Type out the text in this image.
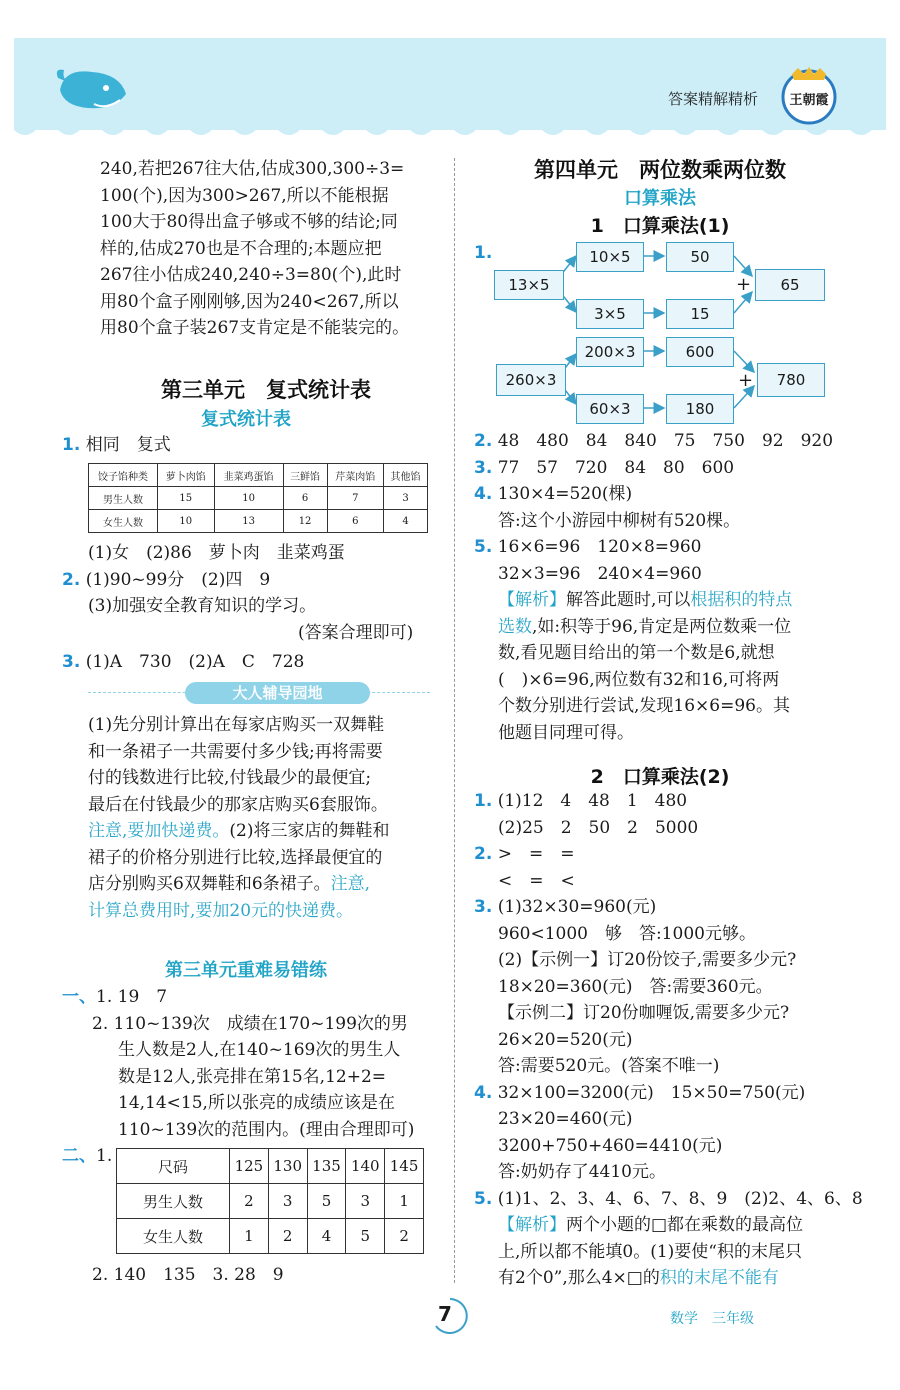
答案精解精析 王朝霞
240,若把267往大估,估成300,300÷3=
100(个),因为300>267,所以不能根据
100大于80得出盒子够或不够的结论;同
样的,估成270也是不合理的;本题应把
267往小估成240,240÷3=80(个),此时
用80个盒子刚刚够,因为240<267,所以
用80个盒子装267支肯定是不能装完的。
第三单元　复式统计表
复式统计表
1. 相同　复式
饺子馅种类	萝卜肉馅	韭菜鸡蛋馅	三鲜馅	芹菜肉馅	其他馅
男生人数	15	10	6	7	3
女生人数	10	13	12	6	4
(1)女　(2)86　萝卜肉　韭菜鸡蛋
2. (1)90~99分　(2)四　9
(3)加强安全教育知识的学习。
(答案合理即可)
3. (1)A　730　(2)A　C　728
大人辅导园地
(1)先分别计算出在每家店购买一双舞鞋
和一条裙子一共需要付多少钱;再将需要
付的钱数进行比较,付钱最少的最便宜;
最后在付钱最少的那家店购买6套服饰。
注意,要加快递费。(2)将三家店的舞鞋和
裙子的价格分别进行比较,选择最便宜的
店分别购买6双舞鞋和6条裙子。注意,
计算总费用时,要加20元的快递费。
第三单元重难易错练
一、1. 19　7
2. 110~139次　成绩在170~199次的男
生人数是2人,在140~169次的男生人
数是12人,张亮排在第15名,12+2=
14,14<15,所以张亮的成绩应该是在
110~139次的范围内。(理由合理即可)
二、1.
尺码	125	130	135	140	145
男生人数	2	3	5	3	1
女生人数	1	2	4	5	2
2. 140　135　3. 28　9
第四单元　两位数乘两位数
口算乘法
1　口算乘法(1)
1.
13×5
10×5	50
3×5	15
65
+
260×3
200×3	600
60×3	180
780
+
2. 48　480　84　840　75　750　92　920
3. 77　57　720　84　80　600
4. 130×4=520(棵)
答:这个小游园中柳树有520棵。
5. 16×6=96　120×8=960
32×3=96　240×4=960
【解析】解答此题时,可以根据积的特点
选数,如:积等于96,肯定是两位数乘一位
数,看见题目给出的第一个数是6,就想
(　)×6=96,两位数有32和16,可将两
个数分别进行尝试,发现16×6=96。其
他题目同理可得。
2　口算乘法(2)
1. (1)12　4　48　1　480
(2)25　2　50　2　5000
2. >　=　=
<　=　<
3. (1)32×30=960(元)
960<1000　够　答:1000元够。
(2)【示例一】订20份饺子,需要多少元?
18×20=360(元)　答:需要360元。
【示例二】订20份咖喱饭,需要多少元?
26×20=520(元)
答:需要520元。(答案不唯一)
4. 32×100=3200(元)　15×50=750(元)
23×20=460(元)
3200+750+460=4410(元)
答:奶奶存了4410元。
5. (1)1、2、3、4、6、7、8、9　(2)2、4、6、8
【解析】两个小题的□都在乘数的最高位
上,所以都不能填0。(1)要使“积的末尾只
有2个0”,那么4×□的积的末尾不能有
7	数学　三年级
